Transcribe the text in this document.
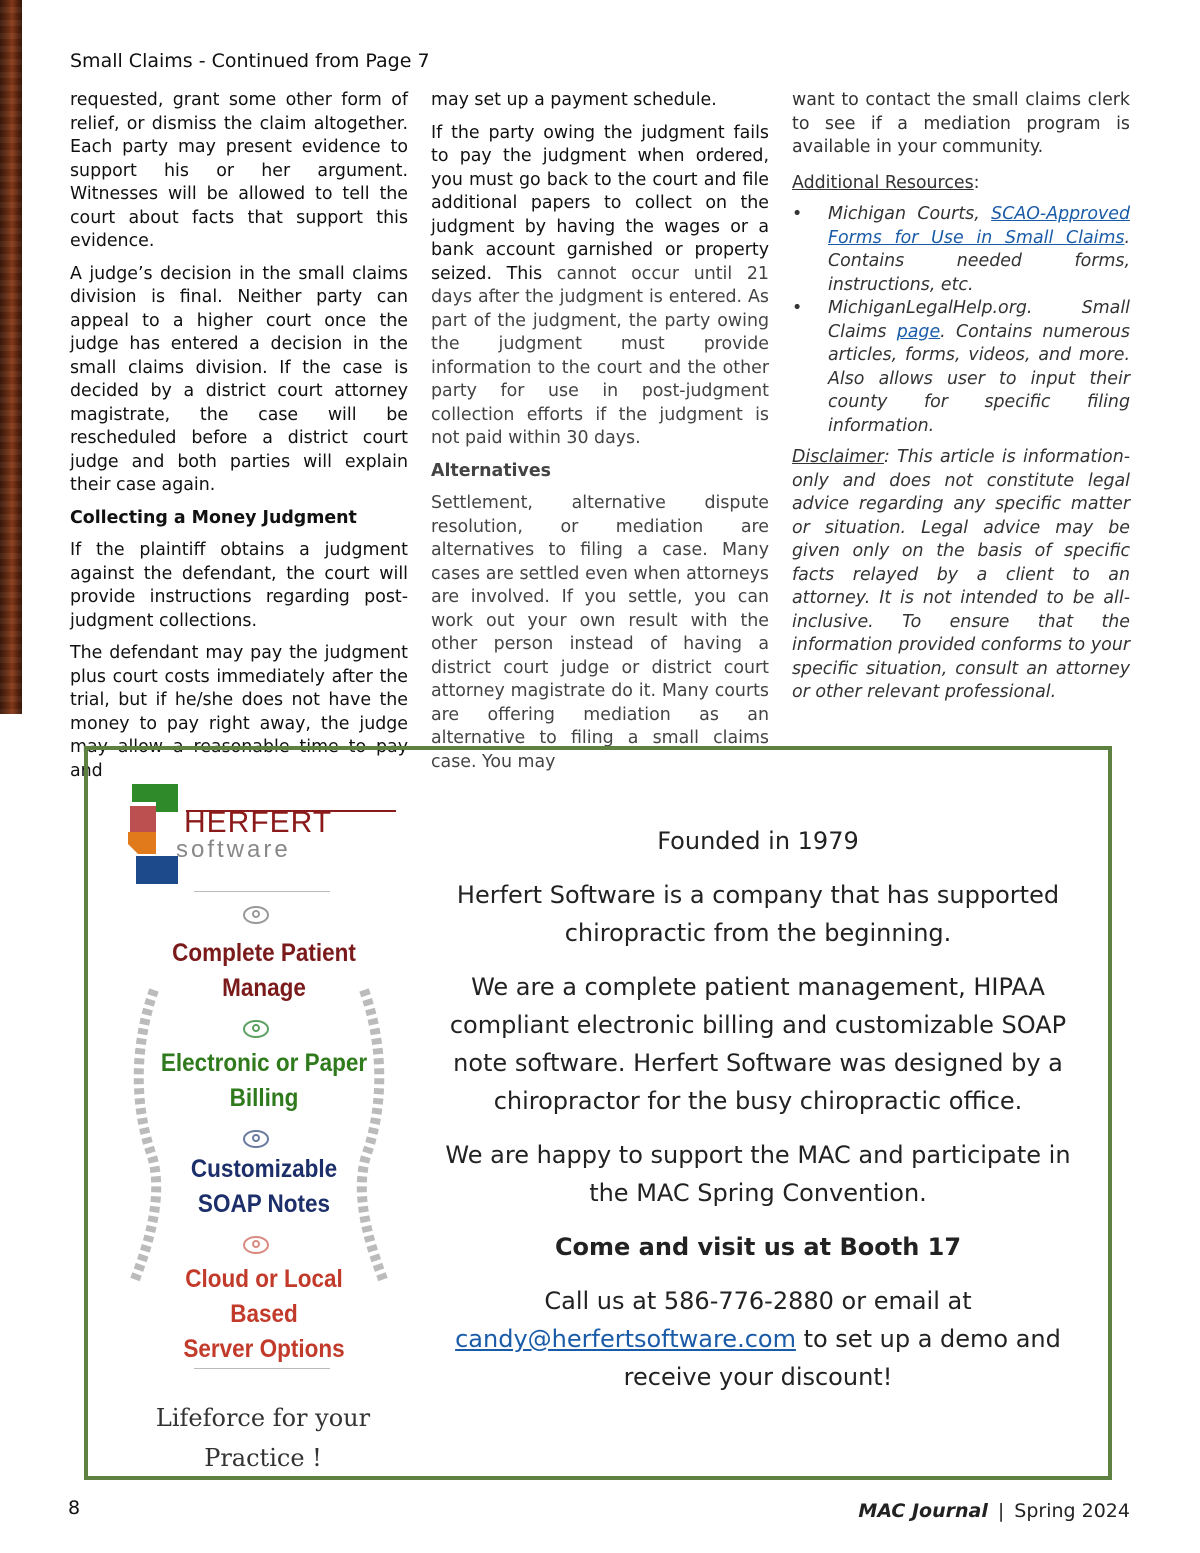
Small Claims - Continued from Page 7

requested, grant some other form of relief, or dismiss the claim altogether. Each party may present evidence to support his or her argument. Witnesses will be allowed to tell the court about facts that support this evidence.

A judge’s decision in the small claims division is final. Neither party can appeal to a higher court once the judge has entered a decision in the small claims division. If the case is decided by a district court attorney magistrate, the case will be rescheduled before a district court judge and both parties will explain their case again.

Collecting a Money Judgment

If the plaintiff obtains a judgment against the defendant, the court will provide instructions regarding post-judgment collections.

The defendant may pay the judgment plus court costs immediately after the trial, but if he/she does not have the money to pay right away, the judge may allow a reasonable time to pay and

may set up a payment schedule.

If the party owing the judgment fails to pay the judgment when ordered, you must go back to the court and file additional papers to collect on the judgment by having the wages or a bank account garnished or property seized. This cannot occur until 21 days after the judgment is entered. As part of the judgment, the party owing the judgment must provide information to the court and the other party for use in post-judgment collection efforts if the judgment is not paid within 30 days.

Alternatives

Settlement, alternative dispute resolution, or mediation are alternatives to filing a case. Many cases are settled even when attorneys are involved. If you settle, you can work out your own result with the other person instead of having a district court judge or district court attorney magistrate do it. Many courts are offering mediation as an alternative to filing a small claims case. You may

want to contact the small claims clerk to see if a mediation program is available in your community.

Additional Resources:
• Michigan Courts, SCAO-Approved Forms for Use in Small Claims. Contains needed forms, instructions, etc.
• MichiganLegalHelp.org. Small Claims page. Contains numerous articles, forms, videos, and more. Also allows user to input their county for specific filing information.

Disclaimer: This article is information-only and does not constitute legal advice regarding any specific matter or situation. Legal advice may be given only on the basis of specific facts relayed by a client to an attorney. It is not intended to be all-inclusive. To ensure that the information provided conforms to your specific situation, consult an attorney or other relevant professional.

HERFERT
software
Complete Patient
Manage
Electronic or Paper
Billing
Customizable
SOAP Notes
Cloud or Local Based
Server Options
Lifeforce for your
Practice !

Founded in 1979

Herfert Software is a company that has supported chiropractic from the beginning.

We are a complete patient management, HIPAA compliant electronic billing and customizable SOAP note software. Herfert Software was designed by a chiropractor for the busy chiropractic office.

We are happy to support the MAC and participate in the MAC Spring Convention.

Come and visit us at Booth 17

Call us at 586-776-2880 or email at
candy@herfertsoftware.com to set up a demo and receive your discount!

8	MAC Journal | Spring 2024
